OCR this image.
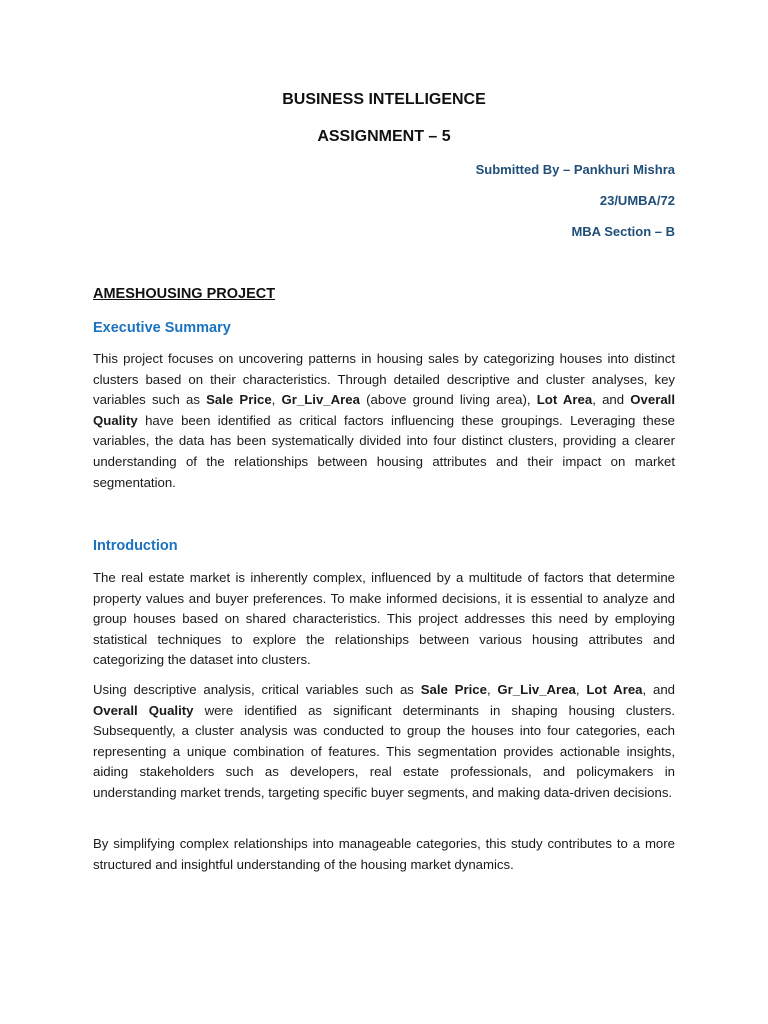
BUSINESS INTELLIGENCE
ASSIGNMENT – 5
Submitted By – Pankhuri Mishra
23/UMBA/72
MBA Section – B
AMESHOUSING PROJECT
Executive Summary

This project focuses on uncovering patterns in housing sales by categorizing houses into distinct clusters based on their characteristics. Through detailed descriptive and cluster analyses, key variables such as Sale Price, Gr_Liv_Area (above ground living area), Lot Area, and Overall Quality have been identified as critical factors influencing these groupings. Leveraging these variables, the data has been systematically divided into four distinct clusters, providing a clearer understanding of the relationships between housing attributes and their impact on market segmentation.

Introduction

The real estate market is inherently complex, influenced by a multitude of factors that determine property values and buyer preferences. To make informed decisions, it is essential to analyze and group houses based on shared characteristics. This project addresses this need by employing statistical techniques to explore the relationships between various housing attributes and categorizing the dataset into clusters.

Using descriptive analysis, critical variables such as Sale Price, Gr_Liv_Area, Lot Area, and Overall Quality were identified as significant determinants in shaping housing clusters. Subsequently, a cluster analysis was conducted to group the houses into four categories, each representing a unique combination of features. This segmentation provides actionable insights, aiding stakeholders such as developers, real estate professionals, and policymakers in understanding market trends, targeting specific buyer segments, and making data-driven decisions.

By simplifying complex relationships into manageable categories, this study contributes to a more structured and insightful understanding of the housing market dynamics.
